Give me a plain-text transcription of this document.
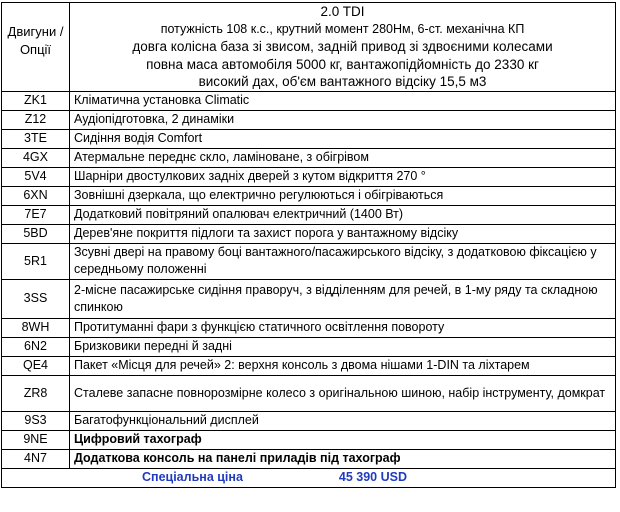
Двигуни / Опції	2.0 TDI
потужність 108 к.с., крутний момент 280Нм, 6-ст. механічна КП
довга колісна база зі звисом, задній привод зі здвоєними колесами
повна маса автомобіля 5000 кг, вантажопідйомність до 2330 кг
високий дах, об'єм вантажного відсіку 15,5 м3

ZK1	Кліматична установка Climatic
Z12	Аудіопідготовка, 2 динаміки
3TE	Сидіння водія Comfort
4GX	Атермальне переднє скло, ламіноване, з обігрівом
5V4	Шарніри двостулкових задніх дверей з кутом відкриття 270 °
6XN	Зовнішні дзеркала, що електрично регулюються і обігріваються
7E7	Додатковий повітряний опалювач електричний (1400 Вт)
5BD	Дерев'яне покриття підлоги та захист порога у вантажному відсіку
5R1	Зсувні двері на правому боці вантажного/пасажирського відсіку, з додатковою фіксацією у середньому положенні
3SS	2-місне пасажирське сидіння праворуч, з відділенням для речей, в 1-му ряду та складною спинкою
8WH	Протитуманні фари з функцією статичного освітлення повороту
6N2	Бризковики передні й задні
QE4	Пакет «Місця для речей» 2: верхня консоль з двома нішами 1-DIN та ліхтарем
ZR8	Сталеве запасне повнорозмірне колесо з оригінальною шиною, набір інструменту, домкрат
9S3	Багатофункціональний дисплей
9NE	Цифровий тахограф
4N7	Додаткова консоль на панелі приладів під тахограф
Спеціальна ціна 45 390 USD	
